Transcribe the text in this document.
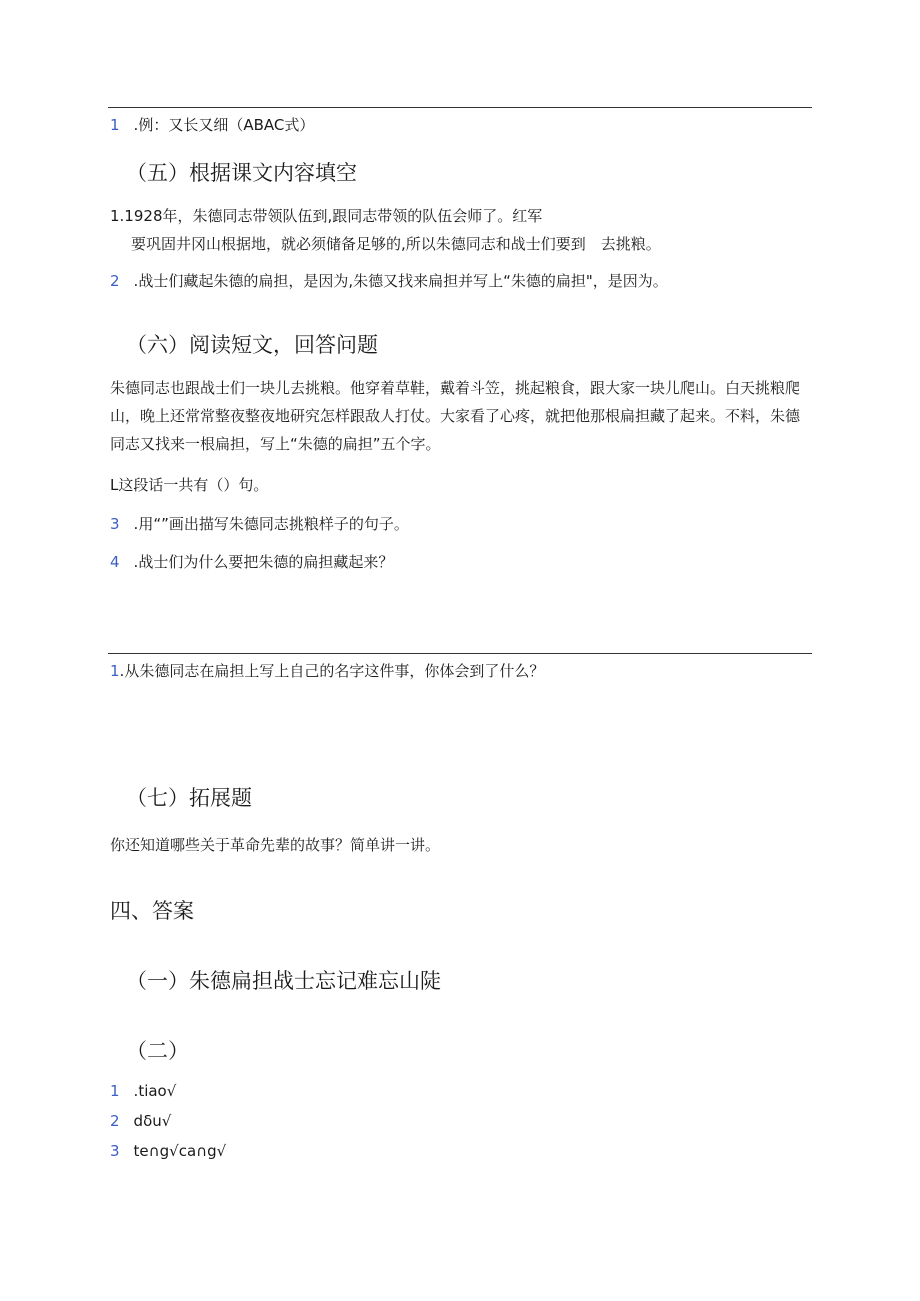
1 .例：又长又细（ABAC式）
（五）根据课文内容填空
1.1928年，朱德同志带领队伍到,跟同志带领的队伍会师了。红军
要巩固井冈山根据地，就必须储备足够的,所以朱德同志和战士们要到　去挑粮。
2 .战士们藏起朱德的扁担，是因为,朱德又找来扁担并写上“朱德的扁担"，是因为。
（六）阅读短文，回答问题
朱德同志也跟战士们一块儿去挑粮。他穿着草鞋，戴着斗笠，挑起粮食，跟大家一块儿爬山。白天挑粮爬山，晚上还常常整夜整夜地研究怎样跟敌人打仗。大家看了心疼，就把他那根扁担藏了起来。不料，朱德同志又找来一根扁担，写上“朱德的扁担”五个字。
L这段话一共有（）句。
3 .用“”画出描写朱德同志挑粮样子的句子。
4 .战士们为什么要把朱德的扁担藏起来？
1.从朱德同志在扁担上写上自己的名字这件事，你体会到了什么？
（七）拓展题
你还知道哪些关于革命先辈的故事？简单讲一讲。
四、答案
（一）朱德扁担战士忘记难忘山陡
（二）
1 .tiao√
2 dδu√
3 te∩g√ca∩g√
